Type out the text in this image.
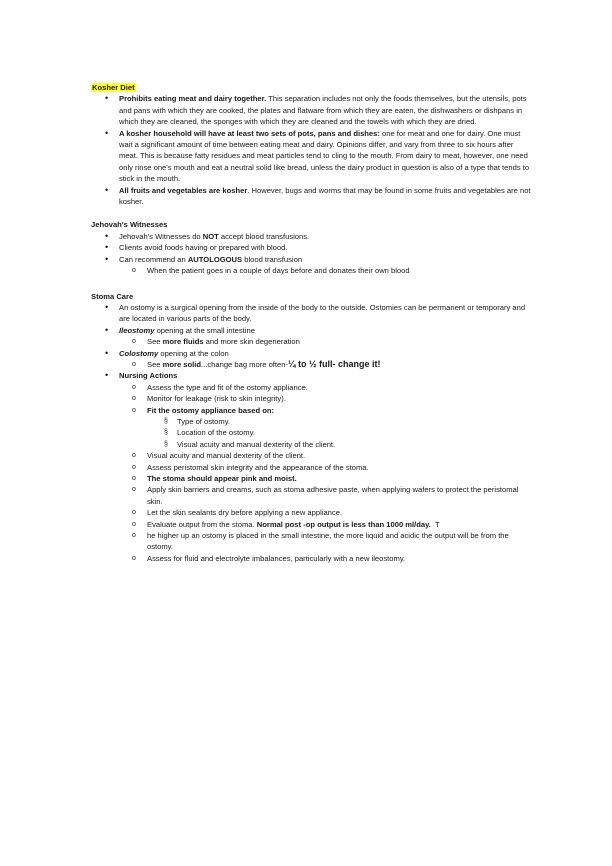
Kosher Diet

• Prohibits eating meat and dairy together. This separation includes not only the foods themselves, but the utensils, pots and pans with which they are cooked, the plates and flatware from which they are eaten, the dishwashers or dishpans in which they are cleaned, the sponges with which they are cleaned and the towels with which they are dried.
• A kosher household will have at least two sets of pots, pans and dishes: one for meat and one for dairy. One must wait a significant amount of time between eating meat and dairy. Opinions differ, and vary from three to six hours after meat. This is because fatty residues and meat particles tend to cling to the mouth. From dairy to meat, however, one need only rinse one's mouth and eat a neutral solid like bread, unless the dairy product in question is also of a type that tends to stick in the mouth.
• All fruits and vegetables are kosher. However, bugs and worms that may be found in some fruits and vegetables are not kosher.

Jehovah's Witnesses

• Jehovah's Witnesses do NOT accept blood transfusions.
• Clients avoid foods having or prepared with blood.
• Can recommend an AUTOLOGOUS blood transfusion
o When the patient goes in a couple of days before and donates their own blood

Stoma Care

• An ostomy is a surgical opening from the inside of the body to the outside. Ostomies can be permanent or temporary and are located in various parts of the body.
• Ileostomy opening at the small intestine
o See more fluids and more skin degeneration
• Colostomy opening at the colon
o See more solid...change bag more often-¼ to ½ full- change it!
• Nursing Actions
o Assess the type and fit of the ostomy appliance.
o Monitor for leakage (risk to skin integrity).
o Fit the ostomy appliance based on:
§ Type of ostomy.
§ Location of the ostomy.
§ Visual acuity and manual dexterity of the client.
o Visual acuity and manual dexterity of the client.
o Assess peristomal skin integrity and the appearance of the stoma.
o The stoma should appear pink and moist.
o Apply skin barriers and creams, such as stoma adhesive paste, when applying wafers to protect the peristomal skin.
o Let the skin sealants dry before applying a new appliance.
o Evaluate output from the stoma. Normal post -op output is less than 1000 ml/day.  T
o he higher up an ostomy is placed in the small intestine, the more liquid and acidic the output will be from the ostomy.
o Assess for fluid and electrolyte imbalances, particularly with a new ileostomy.
